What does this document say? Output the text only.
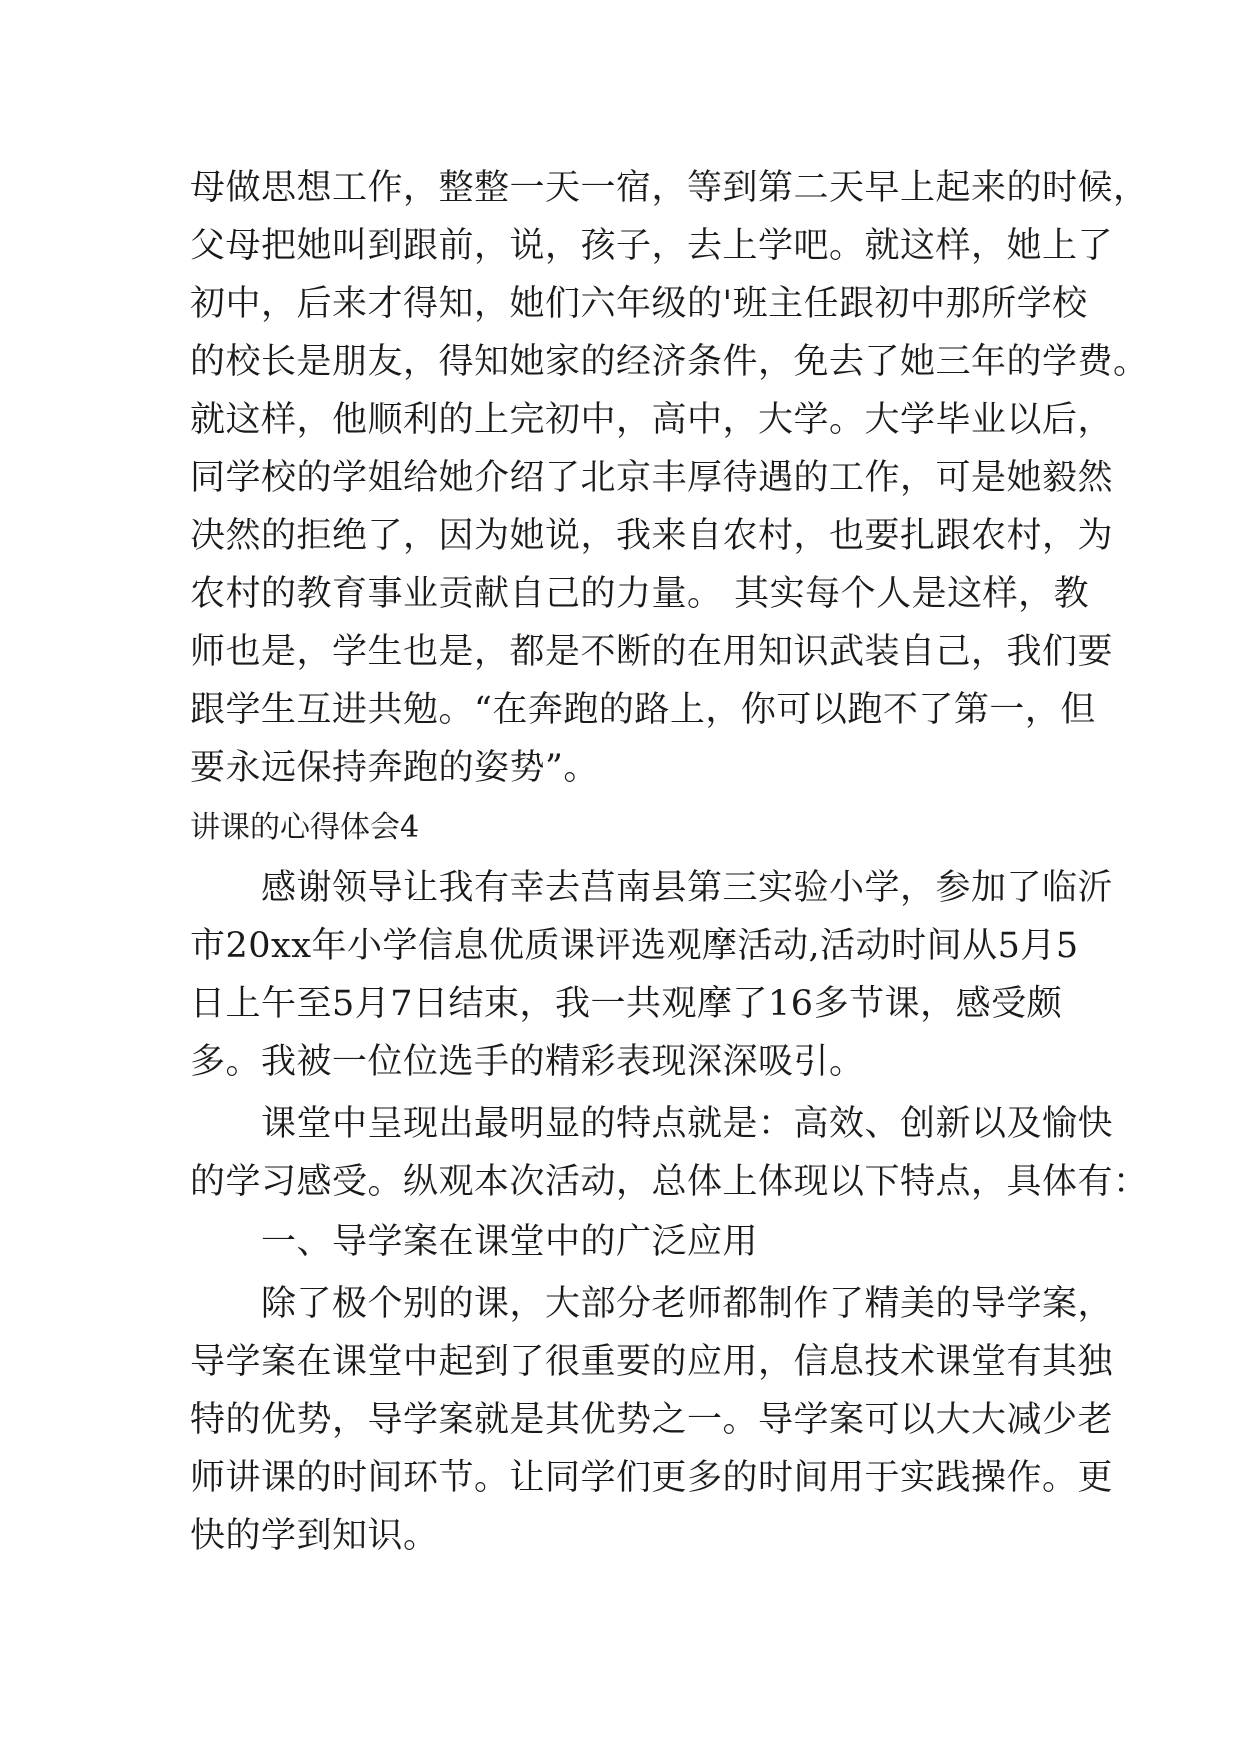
母做思想工作，整整一天一宿，等到第二天早上起来的时候，
父母把她叫到跟前，说，孩子，去上学吧。就这样，她上了
初中，后来才得知，她们六年级的'班主任跟初中那所学校
的校长是朋友，得知她家的经济条件，免去了她三年的学费。
就这样，他顺利的上完初中，高中，大学。大学毕业以后，
同学校的学姐给她介绍了北京丰厚待遇的工作，可是她毅然
决然的拒绝了，因为她说，我来自农村，也要扎跟农村，为
农村的教育事业贡献自己的力量。 其实每个人是这样，教
师也是，学生也是，都是不断的在用知识武装自己，我们要
跟学生互进共勉。“在奔跑的路上，你可以跑不了第一，但
要永远保持奔跑的姿势”。
讲课的心得体会4
　　感谢领导让我有幸去莒南县第三实验小学，参加了临沂
市20xx年小学信息优质课评选观摩活动,活动时间从5月5
日上午至5月7日结束，我一共观摩了16多节课，感受颇
多。我被一位位选手的精彩表现深深吸引。
　　课堂中呈现出最明显的特点就是：高效、创新以及愉快
的学习感受。纵观本次活动，总体上体现以下特点，具体有：
　　一、导学案在课堂中的广泛应用
　　除了极个别的课，大部分老师都制作了精美的导学案，
导学案在课堂中起到了很重要的应用，信息技术课堂有其独
特的优势，导学案就是其优势之一。导学案可以大大减少老
师讲课的时间环节。让同学们更多的时间用于实践操作。更
快的学到知识。
